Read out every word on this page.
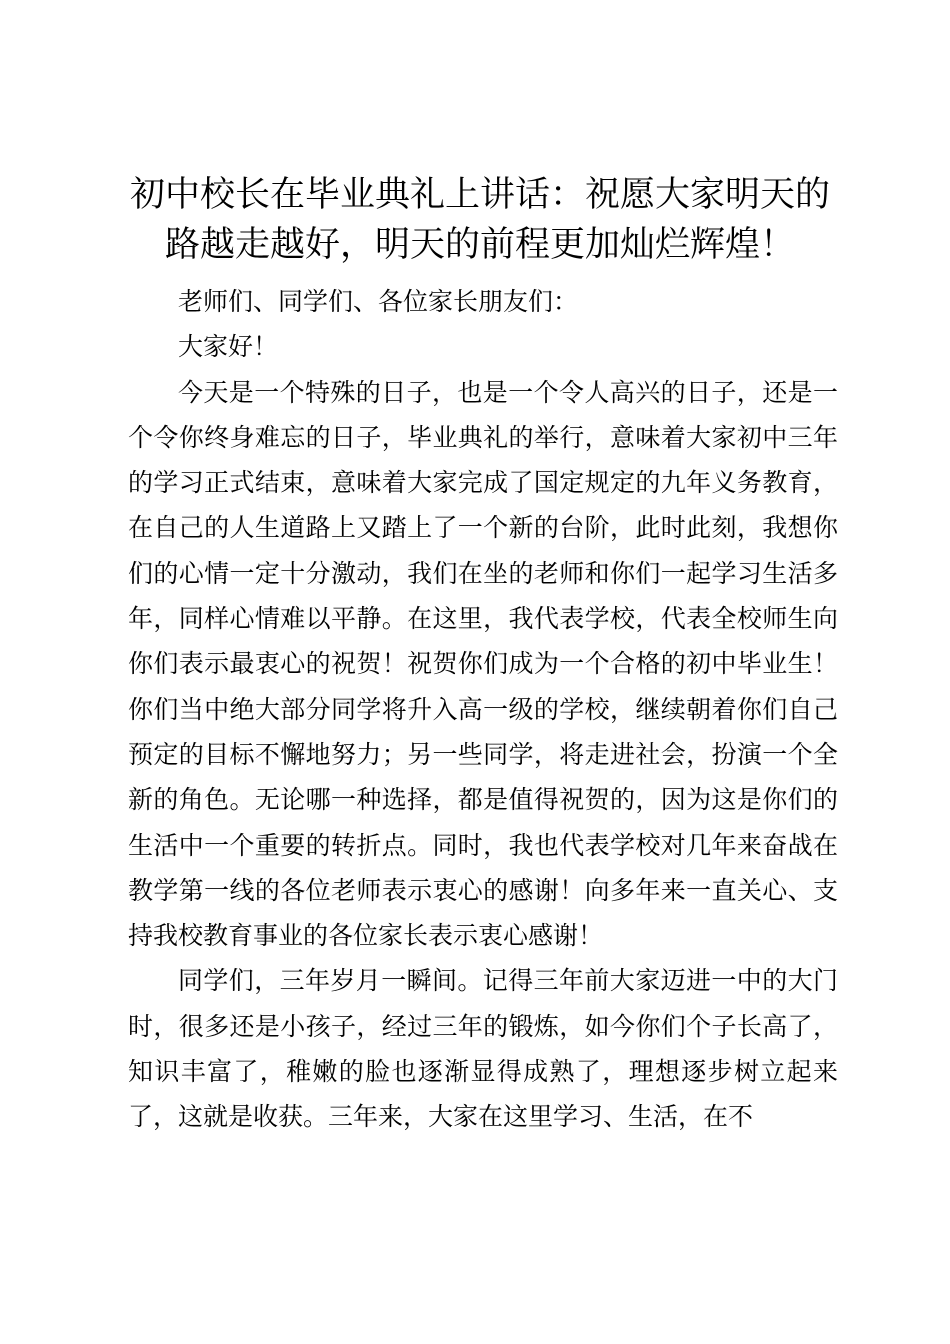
初中校长在毕业典礼上讲话：祝愿大家明天的路越走越好，明天的前程更加灿烂辉煌！

老师们、同学们、各位家长朋友们：

大家好！

今天是一个特殊的日子，也是一个令人高兴的日子，还是一个令你终身难忘的日子，毕业典礼的举行，意味着大家初中三年的学习正式结束，意味着大家完成了国定规定的九年义务教育，在自己的人生道路上又踏上了一个新的台阶，此时此刻，我想你们的心情一定十分激动，我们在坐的老师和你们一起学习生活多年，同样心情难以平静。在这里，我代表学校，代表全校师生向你们表示最衷心的祝贺！祝贺你们成为一个合格的初中毕业生！你们当中绝大部分同学将升入高一级的学校，继续朝着你们自己预定的目标不懈地努力；另一些同学，将走进社会，扮演一个全新的角色。无论哪一种选择，都是值得祝贺的，因为这是你们的生活中一个重要的转折点。同时，我也代表学校对几年来奋战在教学第一线的各位老师表示衷心的感谢！向多年来一直关心、支持我校教育事业的各位家长表示衷心感谢！

同学们，三年岁月一瞬间。记得三年前大家迈进一中的大门时，很多还是小孩子，经过三年的锻炼，如今你们个子长高了，知识丰富了，稚嫩的脸也逐渐显得成熟了，理想逐步树立起来了，这就是收获。三年来，大家在这里学习、生活，在不
